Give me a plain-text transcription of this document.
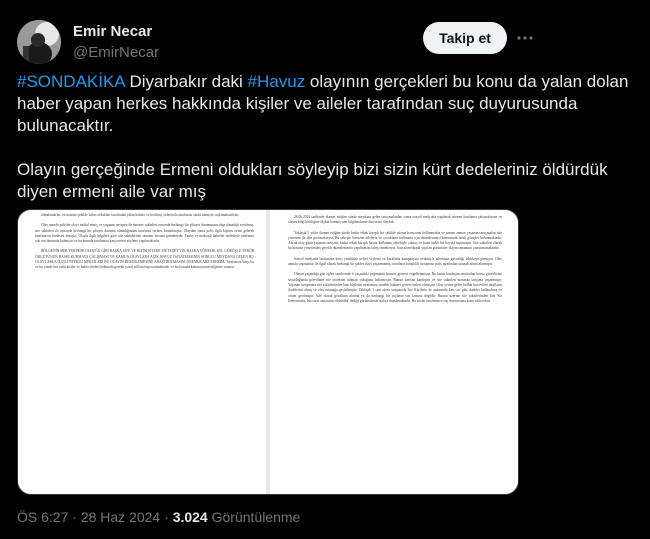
Emir Necar
@EmirNecar
Takip et

#SONDAKİKA Diyarbakır daki #Havuz olayının gerçekleri bu konu da yalan dolan haber yapan herkes hakkında kişiler ve aileler tarafından suç duyurusunda bulunacaktır.

Olayın gerçeğinde Ermeni oldukları söyleyip bizi sizin kürt dedeleriniz öldürdük diyen ermeni aile var mış

olmaktadırlar, en masum şekilde haber oldukları tarafından yalan habere ve kesilmiş videolarla tarafımızı sanki tümüyle suçlamaktadırlar.

Olay anında polisler olayı intikal etmiş ve yaşanan tartışma ile üzerine sakinleri arasında herhangi bir şikayet durumunun olup olmadığı sorulmuş, site sakinleri ile arasında herhangi bir şikayet durumu olmadığından tarafımız serbest bırakılmıştır. Olaydan sonra polis ilgili kişinin evine gelerek tarafımızın ifadesini almıştır. Olayla ilgili bilgilere göre site sakinlerinin tamamı havuza girmektedir. Yanlış ve maksatlı haberler nedeniyle tarafımız çok zor durumda kalmıştır ve bu konuda tarafımıza karşı nefret söylemi yapılmaktadır.

BÖLGENİN HER YERİNDE OLDUĞU GİBİ BAŞKA SİTE VE BİZİM SİTEDE MÜTEDEYYİN HALKA YÖNELİK SOL GÖRÜŞLÜ TERÖR ÖRGÜTÜNÜN BASKI KURMAYA ÇALIŞMASI VE KAMUA OLAYLARA AÇIK HAVUZ DAYATMASININ SONUCU MEYDANA GELEN BU OLAYLARLA İLGİLİ YETKİLİ MERCİLERİ BU OLAYIN DERİNLEMESİNE ARAŞTIRILMASINI ÖNEMLE ARZ EDERİM. Tarafımıza karşı bu ve bu yönde her türlü kişiler ve haber siteleri hakkında gerekli yasal yollara başvurulmaktadır ve bu konuda kamuoyunun bilgisine sunarız.

26.06.2024 tarihinde ikamet ettiğim sitede meydana gelen tartışmalardan sonra sosyal medyada yapılmak istenen karalama çalışmalarına ve olayın bilgi kirliliğine ilişkin kamuoyunu bilgilendirme ihtiyacını duyduk.

Yaklaşık 5 yıldır ikamet ettiğim sitede kadın erkek karışık bir şekilde yüzme havuzunu kullanmakta ve zaman zaman yaşanan tartışmaları site yönetimi ile dile getirmekteyiz. Bu sebeple havuzun ailelerin ve çocukların kullanımı için düzenlenmesi konusunda farklı görüşler bulunmaktadır. Ancak olay günü yaşanan tartışma, kadın erkek karışık havuz kullanımı sebebiyle çıkmış ve konu farklı bir boyuta taşınmıştır. Site sakinleri olarak bu konuda yönetimden gerekli düzenlemenin yapılmasını talep etmekteyiz. Sosyal medyada yayılan görüntüler olayın tamamını yansıtmamaktadır.

Sosyal medyada tarafımıza karşı yürütülen nefret söylemi ve karalama kampanyası nedeniyle ailemizin güvenliği tehlikeye girmiştir. Olay anında yaşananlar ile ilgili olarak herhangi bir şiddet olayı yaşanmamış, tarafların karşılıklı tartışması polis tarafından tutanak altına alınmıştır.

Olayın yaşandığı gün öğlen saatlerinde 6 yaşındaki yeğenimin havuza girmesi engellenmiştir. Bu husus kardeşim tarafından havuz görevlisine sorulduğunda görevlinin site yönetimi talimatı olduğunu belirtmiştir. Bunun üzerine kardeşim ve site sakinleri arasında tartışma yaşanmıştır. Yaşanan tartışmada site sakinlerinden bazı kişilerin tarafımıza yönelik hakaret içeren sözleri olmuştur. Olay yerine gelen kolluk kuvvetleri tarafların ifadelerini almış ve olay tutanağa geçirilmiştir. Yaklaşık 1 saat süren tartışmada 'biz Kürtlerin de atalarında kan var' gibi ifadeler kullanılmış ve ortam gerilmiştir. Aile olarak gözaltına alınma ya da herhangi bir suçlama söz konusu değildir. Bunun üzerine site sakinlerinden biri 'Siz Ermenisiniz, biz sizin atalarınızı öldürdük' dediği görüntülerde açıkça duyulmaktadır. Bu sözler tarafımızca suç duyurusuna konu edilecektir.

ÖS 6:27 · 28 Haz 2024 · 3.024 Görüntülenme
